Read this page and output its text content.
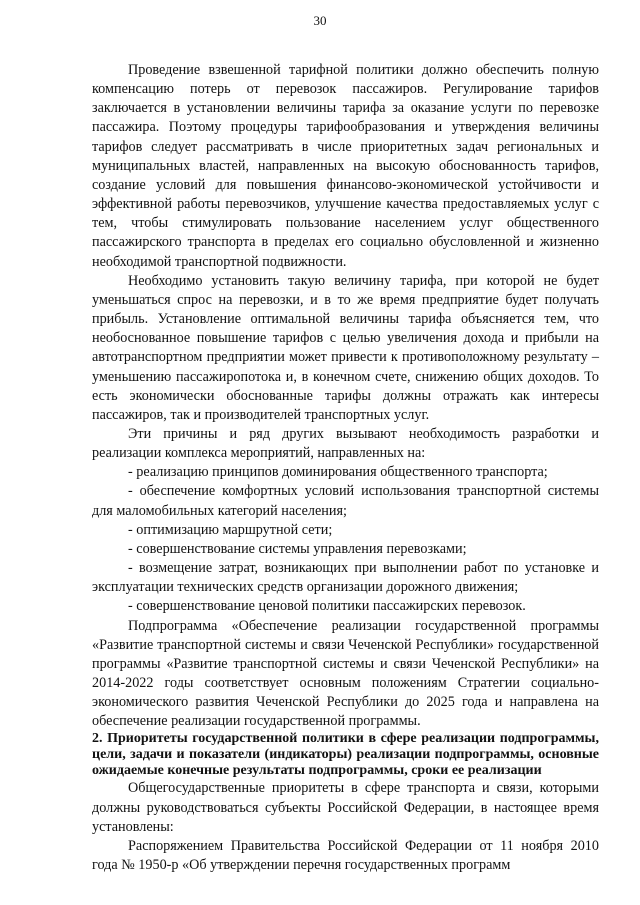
30

Проведение взвешенной тарифной политики должно обеспечить полную компенсацию потерь от перевозок пассажиров. Регулирование тарифов заключается в установлении величины тарифа за оказание услуги по перевозке пассажира. Поэтому процедуры тарифообразования и утверждения величины тарифов следует рассматривать в числе приоритетных задач региональных и муниципальных властей, направленных на высокую обоснованность тарифов, создание условий для повышения финансово-экономической устойчивости и эффективной работы перевозчиков, улучшение качества предоставляемых услуг с тем, чтобы стимулировать пользование населением услуг общественного пассажирского транспорта в пределах его социально обусловленной и жизненно необходимой транспортной подвижности.

Необходимо установить такую величину тарифа, при которой не будет уменьшаться спрос на перевозки, и в то же время предприятие будет получать прибыль. Установление оптимальной величины тарифа объясняется тем, что необоснованное повышение тарифов с целью увеличения дохода и прибыли на автотранспортном предприятии может привести к противоположному результату – уменьшению пассажиропотока и, в конечном счете, снижению общих доходов. То есть экономически обоснованные тарифы должны отражать как интересы пассажиров, так и производителей транспортных услуг.

Эти причины и ряд других вызывают необходимость разработки и реализации комплекса мероприятий, направленных на:

- реализацию принципов доминирования общественного транспорта;

- обеспечение комфортных условий использования транспортной системы для маломобильных категорий населения;

- оптимизацию маршрутной сети;

- совершенствование системы управления перевозками;

- возмещение затрат, возникающих при выполнении работ по установке и эксплуатации технических средств организации дорожного движения;

- совершенствование ценовой политики пассажирских перевозок.

Подпрограмма «Обеспечение реализации государственной программы «Развитие транспортной системы и связи Чеченской Республики» государственной программы «Развитие транспортной системы и связи Чеченской Республики» на 2014-2022 годы соответствует основным положениям Стратегии социально-экономического развития Чеченской Республики до 2025 года и направлена на обеспечение реализации государственной программы.

2. Приоритеты государственной политики в сфере реализации подпрограммы, цели, задачи и показатели (индикаторы) реализации подпрограммы, основные ожидаемые конечные результаты подпрограммы, сроки ее реализации

Общегосударственные приоритеты в сфере транспорта и связи, которыми должны руководствоваться субъекты Российской Федерации, в настоящее время установлены:

Распоряжением Правительства Российской Федерации от 11 ноября 2010 года № 1950-р «Об утверждении перечня государственных программ
